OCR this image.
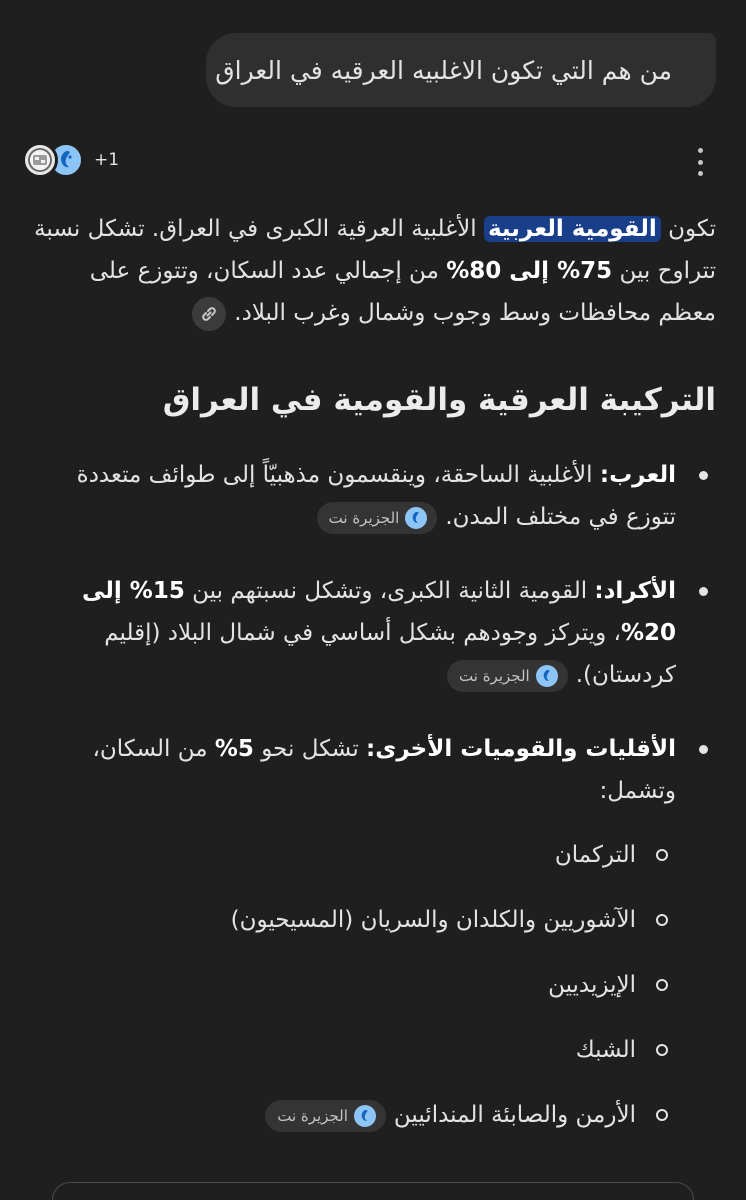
من هم التي تكون الاغلبيه العرقيه في العراق
+1

تكون القومية العربية الأغلبية العرقية الكبرى في العراق. تشكل نسبة تتراوح بين 75% إلى 80% من إجمالي عدد السكان، وتتوزع على معظم محافظات وسط وجوب وشمال وغرب البلاد.

التركيبة العرقية والقومية في العراق
العرب: الأغلبية الساحقة، وينقسمون مذهبيّاً إلى طوائف متعددة تتوزع في مختلف المدن.
الجزيرة نت
الأكراد: القومية الثانية الكبرى، وتشكل نسبتهم بين 15% إلى 20%، ويتركز وجودهم بشكل أساسي في شمال البلاد (إقليم كردستان).
الجزيرة نت
الأقليات والقوميات الأخرى: تشكل نحو 5% من السكان، وتشمل:
التركمان
الآشوريين والكلدان والسريان (المسيحيون)
الإيزيديين
الشبك
الأرمن والصابئة المندائيين
الجزيرة نت
